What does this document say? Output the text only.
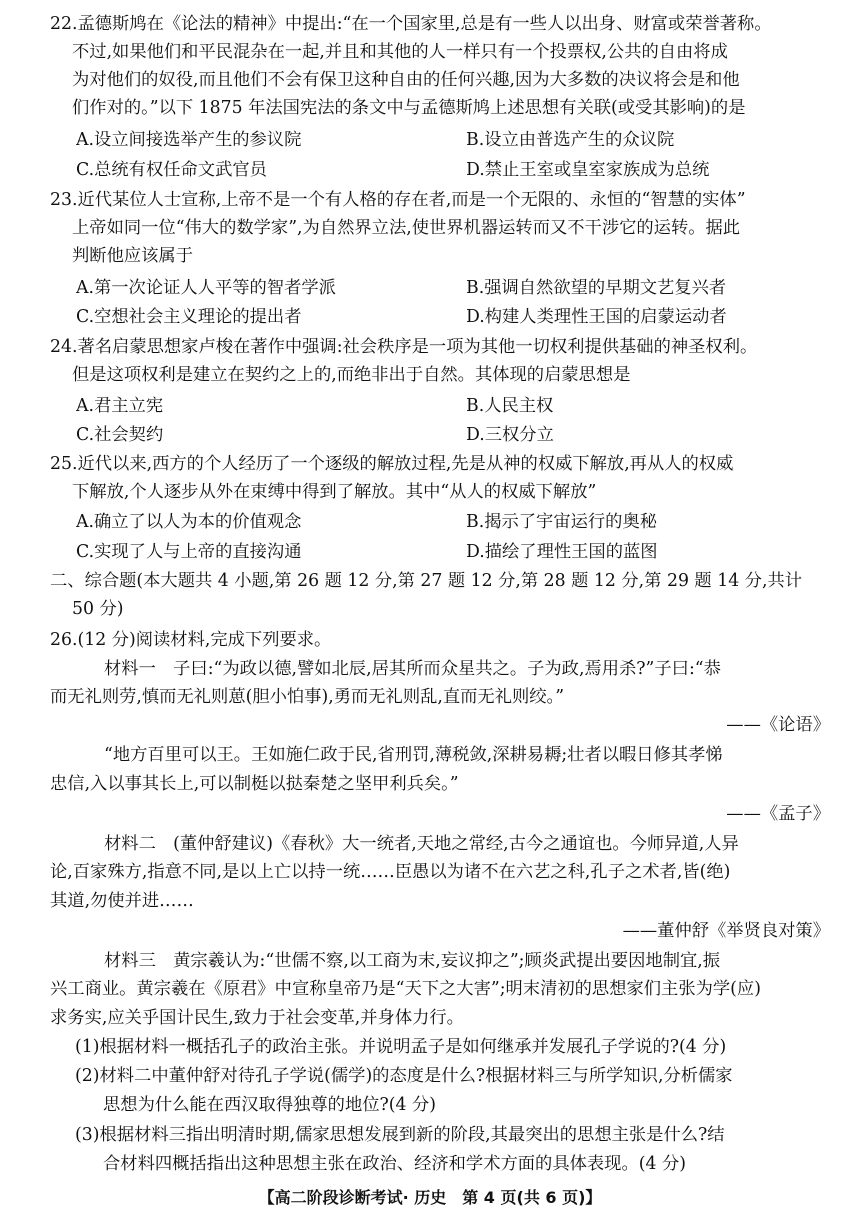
22.孟德斯鸠在《论法的精神》中提出:“在一个国家里,总是有一些人以出身、财富或荣誉著称。
不过,如果他们和平民混杂在一起,并且和其他的人一样只有一个投票权,公共的自由将成
为对他们的奴役,而且他们不会有保卫这种自由的任何兴趣,因为大多数的决议将会是和他
们作对的。”以下 1875 年法国宪法的条文中与孟德斯鸠上述思想有关联(或受其影响)的是
A.设立间接选举产生的参议院	B.设立由普选产生的众议院
C.总统有权任命文武官员	D.禁止王室或皇室家族成为总统
23.近代某位人士宣称,上帝不是一个有人格的存在者,而是一个无限的、永恒的“智慧的实体”
上帝如同一位“伟大的数学家”,为自然界立法,使世界机器运转而又不干涉它的运转。据此
判断他应该属于
A.第一次论证人人平等的智者学派	B.强调自然欲望的早期文艺复兴者
C.空想社会主义理论的提出者	D.构建人类理性王国的启蒙运动者
24.著名启蒙思想家卢梭在著作中强调:社会秩序是一项为其他一切权利提供基础的神圣权利。
但是这项权利是建立在契约之上的,而绝非出于自然。其体现的启蒙思想是
A.君主立宪	B.人民主权
C.社会契约	D.三权分立
25.近代以来,西方的个人经历了一个逐级的解放过程,先是从神的权威下解放,再从人的权威
下解放,个人逐步从外在束缚中得到了解放。其中“从人的权威下解放”
A.确立了以人为本的价值观念	B.揭示了宇宙运行的奥秘
C.实现了人与上帝的直接沟通	D.描绘了理性王国的蓝图
二、综合题(本大题共 4 小题,第 26 题 12 分,第 27 题 12 分,第 28 题 12 分,第 29 题 14 分,共计
50 分)
26.(12 分)阅读材料,完成下列要求。
材料一　子曰:“为政以德,譬如北辰,居其所而众星共之。子为政,焉用杀?”子曰:“恭
而无礼则劳,慎而无礼则葸(胆小怕事),勇而无礼则乱,直而无礼则绞。”
——《论语》
“地方百里可以王。王如施仁政于民,省刑罚,薄税敛,深耕易耨;壮者以暇日修其孝悌
忠信,入以事其长上,可以制梃以挞秦楚之坚甲利兵矣。”
——《孟子》
材料二　(董仲舒建议)《春秋》大一统者,天地之常经,古今之通谊也。今师异道,人异
论,百家殊方,指意不同,是以上亡以持一统……臣愚以为诸不在六艺之科,孔子之术者,皆(绝)
其道,勿使并进……
——董仲舒《举贤良对策》
材料三　黄宗羲认为:“世儒不察,以工商为末,妄议抑之”;顾炎武提出要因地制宜,振
兴工商业。黄宗羲在《原君》中宣称皇帝乃是“天下之大害”;明末清初的思想家们主张为学(应)
求务实,应关乎国计民生,致力于社会变革,并身体力行。
(1)根据材料一概括孔子的政治主张。并说明孟子是如何继承并发展孔子学说的?(4 分)
(2)材料二中董仲舒对待孔子学说(儒学)的态度是什么?根据材料三与所学知识,分析儒家
思想为什么能在西汉取得独尊的地位?(4 分)
(3)根据材料三指出明清时期,儒家思想发展到新的阶段,其最突出的思想主张是什么?结
合材料四概括指出这种思想主张在政治、经济和学术方面的具体表现。(4 分)
【高二阶段诊断考试· 历史　第 4 页(共 6 页)】
